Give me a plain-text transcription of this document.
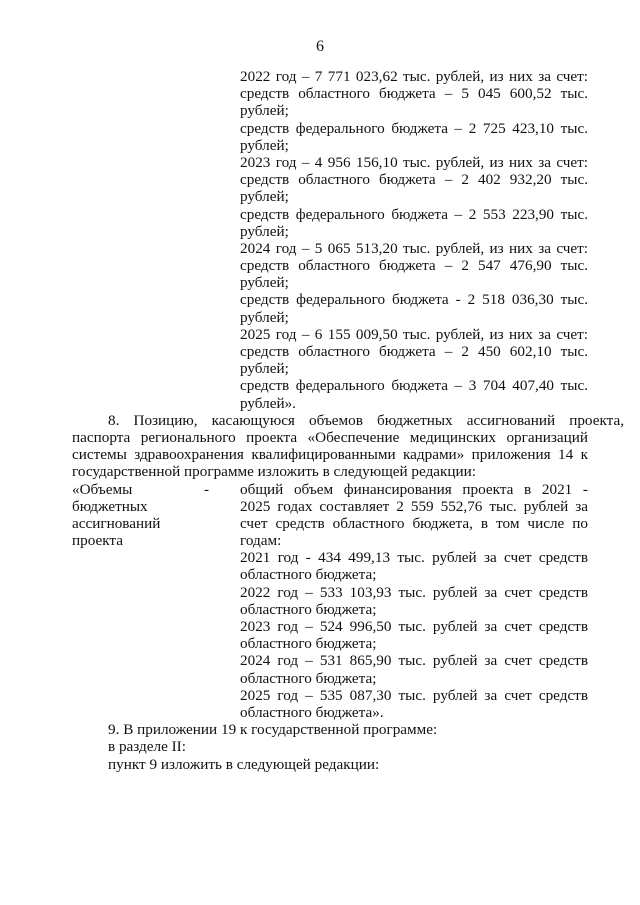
6
2022 год – 7 771 023,62 тыс. рублей, из них за счет:
средств областного бюджета – 5 045 600,52 тыс.
рублей;
средств федерального бюджета – 2 725 423,10 тыс.
рублей;
2023 год – 4 956 156,10 тыс. рублей, из них за счет:
средств областного бюджета – 2 402 932,20 тыс.
рублей;
средств федерального бюджета – 2 553 223,90 тыс.
рублей;
2024 год – 5 065 513,20 тыс. рублей, из них за счет:
средств областного бюджета – 2 547 476,90 тыс.
рублей;
средств федерального бюджета - 2 518 036,30 тыс.
рублей;
2025 год – 6 155 009,50 тыс. рублей, из них за счет:
средств областного бюджета – 2 450 602,10 тыс.
рублей;
средств федерального бюджета – 3 704 407,40 тыс.
рублей».
8. Позицию, касающуюся объемов бюджетных ассигнований проекта,
паспорта регионального проекта «Обеспечение медицинских организаций
системы здравоохранения квалифицированными кадрами» приложения 14 к
государственной программе изложить в следующей редакции:
«Объемы
бюджетных
ассигнований
проекта
- общий объем финансирования проекта в 2021 -
2025 годах составляет 2 559 552,76 тыс. рублей за
счет средств областного бюджета, в том числе по
годам:
2021 год - 434 499,13 тыс. рублей за счет средств
областного бюджета;
2022 год – 533 103,93 тыс. рублей за счет средств
областного бюджета;
2023 год – 524 996,50 тыс. рублей за счет средств
областного бюджета;
2024 год – 531 865,90 тыс. рублей за счет средств
областного бюджета;
2025 год – 535 087,30 тыс. рублей за счет средств
областного бюджета».
9. В приложении 19 к государственной программе:
в разделе II:
пункт 9 изложить в следующей редакции:
